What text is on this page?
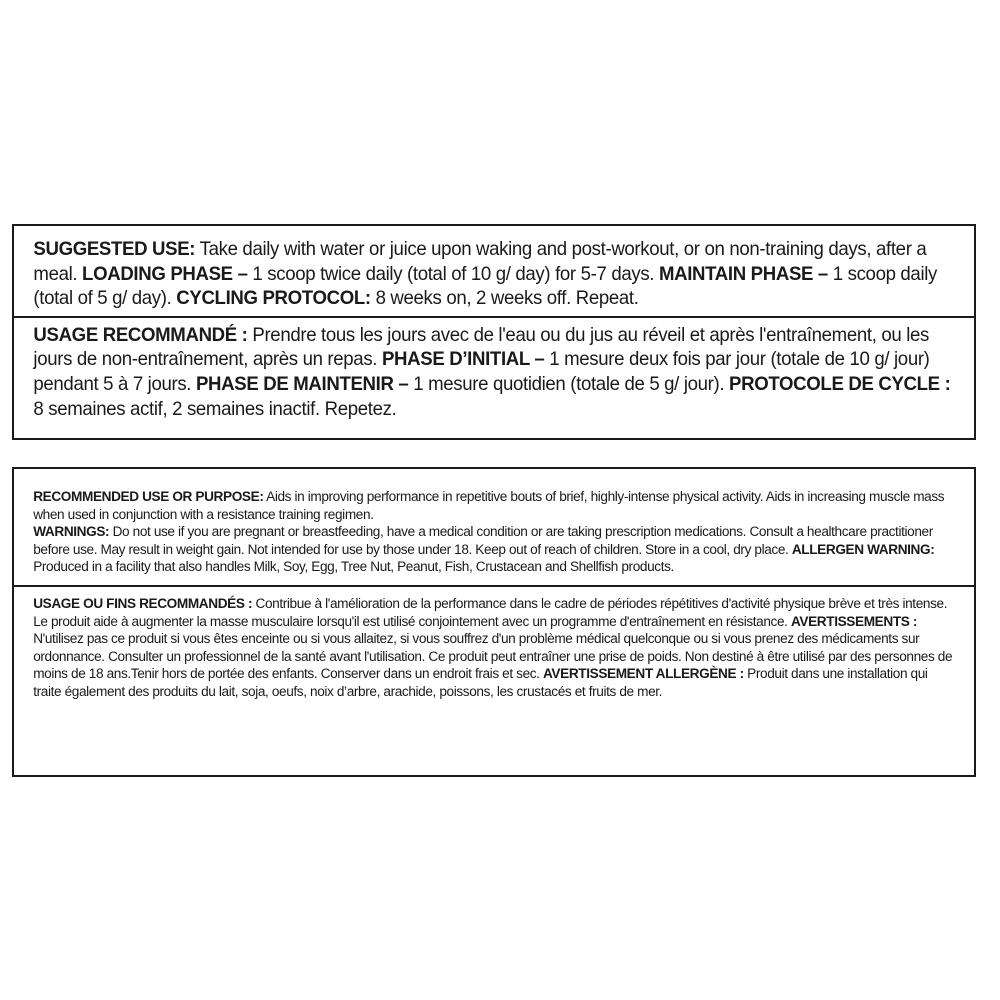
SUGGESTED USE: Take daily with water or juice upon waking and post-workout, or on non-training days, after a meal. LOADING PHASE – 1 scoop twice daily (total of 10 g/ day) for 5-7 days. MAINTAIN PHASE – 1 scoop daily (total of 5 g/ day). CYCLING PROTOCOL: 8 weeks on, 2 weeks off. Repeat.
USAGE RECOMMANDÉ : Prendre tous les jours avec de l'eau ou du jus au réveil et après l'entraînement, ou les jours de non-entraînement, après un repas. PHASE D’INITIAL – 1 mesure deux fois par jour (totale de 10 g/ jour) pendant 5 à 7 jours. PHASE DE MAINTENIR – 1 mesure quotidien (totale de 5 g/ jour). PROTOCOLE DE CYCLE : 8 semaines actif, 2 semaines inactif. Repetez.
RECOMMENDED USE OR PURPOSE: Aids in improving performance in repetitive bouts of brief, highly-intense physical activity. Aids in increasing muscle mass when used in conjunction with a resistance training regimen.
WARNINGS: Do not use if you are pregnant or breastfeeding, have a medical condition or are taking prescription medications. Consult a healthcare practitioner before use. May result in weight gain. Not intended for use by those under 18. Keep out of reach of children. Store in a cool, dry place. ALLERGEN WARNING: Produced in a facility that also handles Milk, Soy, Egg, Tree Nut, Peanut, Fish, Crustacean and Shellfish products.
USAGE OU FINS RECOMMANDÉS : Contribue à l'amélioration de la performance dans le cadre de périodes répétitives d'activité physique brève et très intense. Le produit aide à augmenter la masse musculaire lorsqu'il est utilisé conjointement avec un programme d'entraînement en résistance. AVERTISSEMENTS : N'utilisez pas ce produit si vous êtes enceinte ou si vous allaitez, si vous souffrez d'un problème médical quelconque ou si vous prenez des médicaments sur ordonnance. Consulter un professionnel de la santé avant l'utilisation. Ce produit peut entraîner une prise de poids. Non destiné à être utilisé par des personnes de moins de 18 ans.Tenir hors de portée des enfants. Conserver dans un endroit frais et sec. AVERTISSEMENT ALLERGÈNE : Produit dans une installation qui traite également des produits du lait, soja, oeufs, noix d’arbre, arachide, poissons, les crustacés et fruits de mer.
